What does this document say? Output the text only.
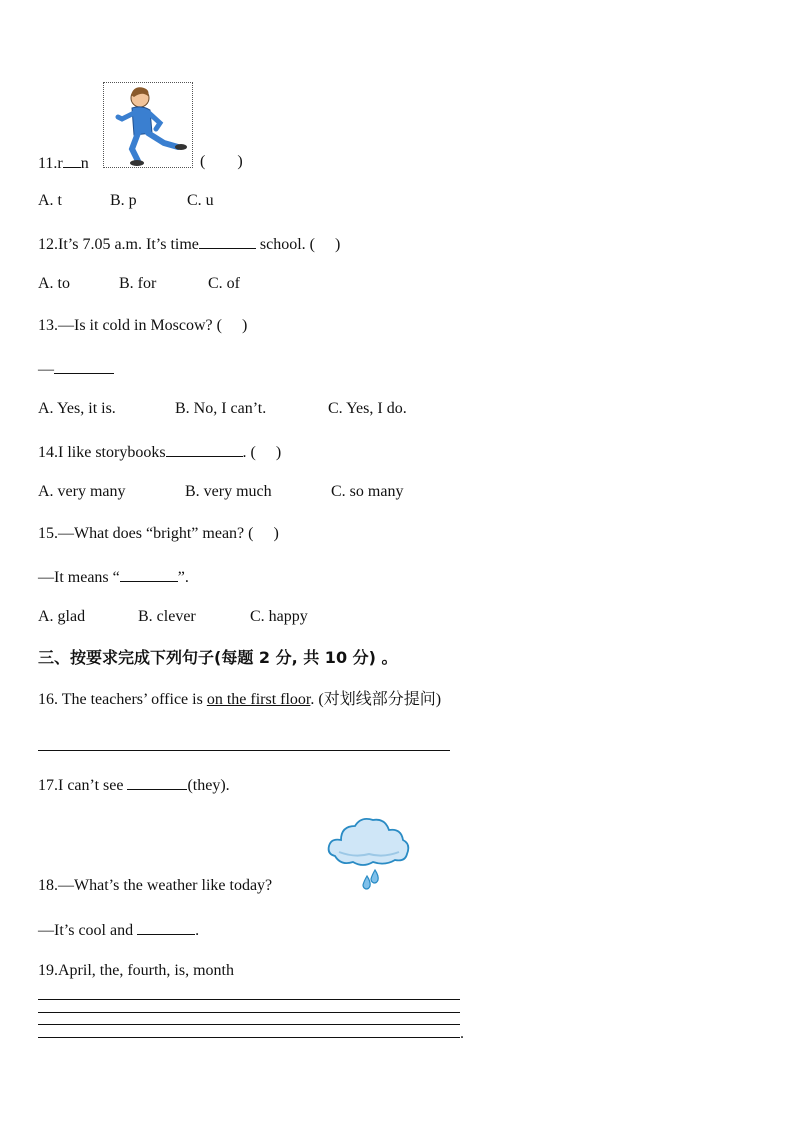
11.r n	(　　)
A. t	B. p	C. u
12.It’s 7.05 a.m. It’s time	school. (　 )
A. to	B. for	C. of
13.—Is it cold in Moscow? (　 )
—
A. Yes, it is.	B. No, I can’t.	C. Yes, I do.
14.I like storybooks	. (　 )
A. very many	B. very much	C. so many
15.—What does “bright” mean? (　 )
—It means “	”.
A. glad	B. clever	C. happy
三、按要求完成下列句子(每题 2 分, 共 10 分) 。
16. The teachers’ office is on the first floor. (对划线部分提问)
17.I can’t see	(they).
18.—What’s the weather like today?
—It’s cool and	.
19.April, the, fourth, is, month
.
